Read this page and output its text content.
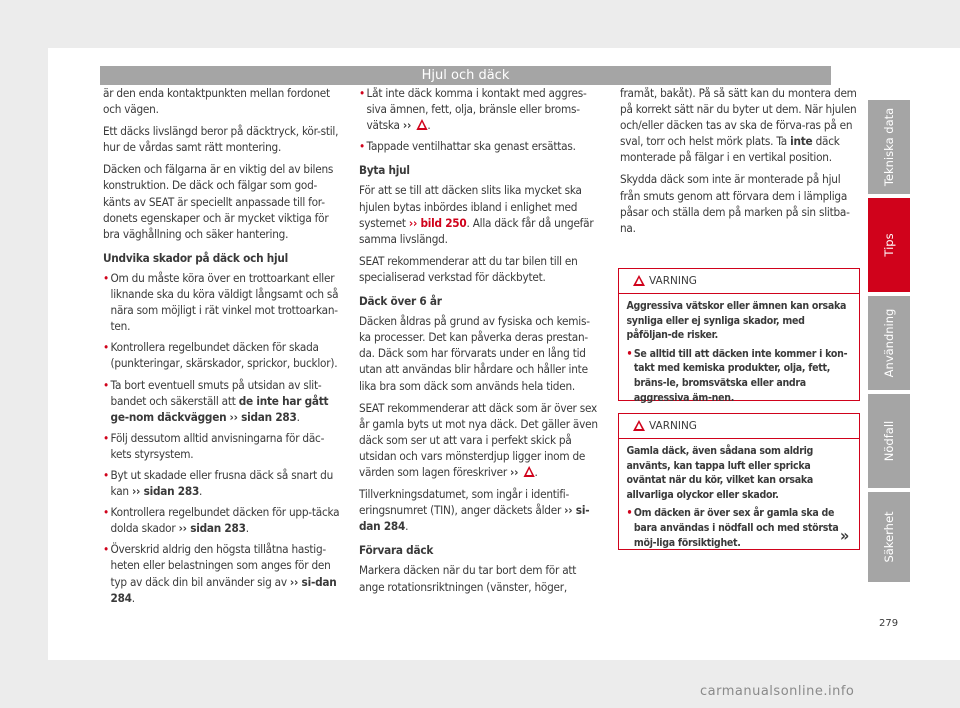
Hjul och däck

är den enda kontaktpunkten mellan fordonet och vägen.

Ett däcks livslängd beror på däcktryck, kör-stil, hur de vårdas samt rätt montering.

Däcken och fälgarna är en viktig del av bilens konstruktion. De däck och fälgar som god-känts av SEAT är speciellt anpassade till for-donets egenskaper och är mycket viktiga för bra väghållning och säker hantering.

Undvika skador på däck och hjul

• Om du måste köra över en trottoarkant eller liknande ska du köra väldigt långsamt och så nära som möjligt i rät vinkel mot trottoarkan-ten.

• Kontrollera regelbundet däcken för skada (punkteringar, skärskador, sprickor, bucklor).

• Ta bort eventuell smuts på utsidan av slit-bandet och säkerställ att de inte har gått ge-nom däckväggen ›› sidan 283.

• Följ dessutom alltid anvisningarna för däc-kets styrsystem.

• Byt ut skadade eller frusna däck så snart du kan ›› sidan 283.

• Kontrollera regelbundet däcken för upp-täcka dolda skador ›› sidan 283.

• Överskrid aldrig den högsta tillåtna hastig-heten eller belastningen som anges för den typ av däck din bil använder sig av ›› si-dan 284.

• Låt inte däck komma i kontakt med aggres-siva ämnen, fett, olja, bränsle eller broms-vätska ›› .

• Tappade ventilhattar ska genast ersättas.

Byta hjul

För att se till att däcken slits lika mycket ska hjulen bytas inbördes ibland i enlighet med systemet ›› bild 250. Alla däck får då ungefär samma livslängd.

SEAT rekommenderar att du tar bilen till en specialiserad verkstad för däckbytet.

Däck över 6 år

Däcken åldras på grund av fysiska och kemis-ka processer. Det kan påverka deras prestan-da. Däck som har förvarats under en lång tid utan att användas blir hårdare och håller inte lika bra som däck som används hela tiden.

SEAT rekommenderar att däck som är över sex år gamla byts ut mot nya däck. Det gäller även däck som ser ut att vara i perfekt skick på utsidan och vars mönsterdjup ligger inom de värden som lagen föreskriver ›› .

Tillverkningsdatumet, som ingår i identifi-eringsnumret (TIN), anger däckets ålder ›› si-dan 284.

Förvara däck

Markera däcken när du tar bort dem för att ange rotationsriktningen (vänster, höger,

framåt, bakåt). På så sätt kan du montera dem på korrekt sätt när du byter ut dem. När hjulen och/eller däcken tas av ska de förva-ras på en sval, torr och helst mörk plats. Ta inte däck monterade på fälgar i en vertikal position.

Skydda däck som inte är monterade på hjul från smuts genom att förvara dem i lämpliga påsar och ställa dem på marken på sin slitba-na.

VARNING

Aggressiva vätskor eller ämnen kan orsaka synliga eller ej synliga skador, med påföljan-de risker.

• Se alltid till att däcken inte kommer i kon-takt med kemiska produkter, olja, fett, bräns-le, bromsvätska eller andra aggressiva äm-nen.

VARNING

Gamla däck, även sådana som aldrig använts, kan tappa luft eller spricka oväntat när du kör, vilket kan orsaka allvarliga olyckor eller skador.

• Om däcken är över sex år gamla ska de bara användas i nödfall och med största möj-liga försiktighet.	»
Tekniska data
Tips
Användning
Nödfall
Säkerhet
279
carmanualsonline.info
